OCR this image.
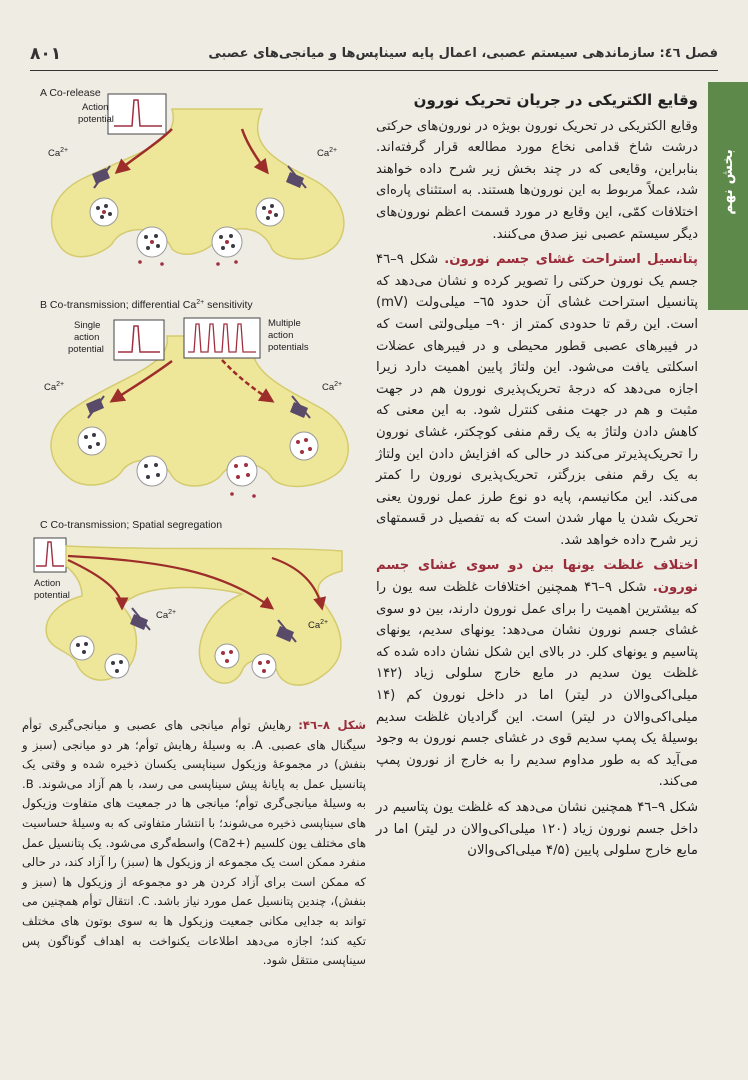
فصل ٤٦: سازماندهی سیستم عصبی، اعمال پایه سیناپس‌ها و میانجی‌های عصبی
۸۰۱
بخش نهم
وقایع الکتریکی در جریان تحریک نورون

وقایع الکتریکی در تحریک نورون بویژه در نورون‌های حرکتی درشت شاخ قدامی نخاع مورد مطالعه قرار گرفته‌اند. بنابراین، وقایعی که در چند بخش زیر شرح داده خواهند شد، عملاً مربوط به این نورون‌ها هستند. به استثنای پاره‌ای اختلافات کمّی، این وقایع در مورد قسمت اعظم نورون‌های دیگر سیستم عصبی نیز صدق می‌کنند.

پتانسیل استراحت غشای جسم نورون. شکل ۹–۴٦ جسم یک نورون حرکتی را تصویر کرده و نشان می‌دهد که پتانسیل استراحت غشای آن حدود ٦۵– میلی‌ولت (mV) است. این رقم تا حدودی کمتر از ۹۰– میلی‌ولتی است که در فیبرهای عصبی قطور محیطی و در فیبرهای عضلات اسکلتی یافت می‌شود. این ولتاژ پایین اهمیت دارد زیرا اجازه می‌دهد که درجهٔ تحریک‌پذیری نورون هم در جهت مثبت و هم در جهت منفی کنترل شود. به این معنی که کاهش دادن ولتاژ به یک رقم منفی کوچکتر، غشای نورون را تحریک‌پذیرتر می‌کند در حالی که افزایش دادن این ولتاژ به یک رقم منفی بزرگتر، تحریک‌پذیری نورون را کمتر می‌کند. این مکانیسم، پایه دو نوع طرز عمل نورون یعنی تحریک شدن یا مهار شدن است که به تفصیل در قسمتهای زیر شرح داده خواهد شد.

اختلاف غلظت یونها بین دو سوی غشای جسم نورون. شکل ۹–۴٦ همچنین اختلافات غلظت سه یون را که بیشترین اهمیت را برای عمل نورون دارند، بین دو سوی غشای جسم نورون نشان می‌دهد: یونهای سدیم، یونهای پتاسیم و یونهای کلر. در بالای این شکل نشان داده شده که غلظت یون سدیم در مایع خارج سلولی زیاد (۱۴۲ میلی‌اکی‌والان در لیتر) اما در داخل نورون کم (۱۴ میلی‌اکی‌والان در لیتر) است. این گرادیان غلظت سدیم بوسیلهٔ یک پمپ سدیم قوی در غشای جسم نورون به وجود می‌آید که به طور مداوم سدیم را به خارج از نورون پمپ می‌کند.

شکل ۹–۴٦ همچنین نشان می‌دهد که غلظت یون پتاسیم در داخل جسم نورون زیاد (۱۲۰ میلی‌اکی‌والان در لیتر) اما در مایع خارج سلولی پایین (۴/۵ میلی‌اکی‌والان

A Co-release
Action
potential
$Ca^{2+}$	$Ca^{2+}$
B Co-transmission; differential $Ca^{2+}$ sensitivity
Single
action
potential
Multiple
action
potentials
$Ca^{2+}$	$Ca^{2+}$
C Co-transmission; Spatial segregation
Action
potential
$Ca^{2+}$
$Ca^{2+}$
شکل ۸–۴٦: رهایش توأم میانجی های عصبی و میانجی‌گیری توأم سیگنال های عصبی. A. به وسیلهٔ رهایش توأم؛ هر دو میانجی (سبز و بنفش) در مجموعهٔ وزیکول سیناپسی یکسان ذخیره شده و وقتی یک پتانسیل عمل به پایانهٔ پیش سیناپسی می رسد، با هم آزاد می‌شوند. B. به وسیلهٔ میانجی‌گری توأم؛ میانجی ها در جمعیت های متفاوت وزیکول های سیناپسی ذخیره می‌شوند؛ با انتشار متفاوتی که به وسیلهٔ حساسیت های مختلف یون کلسیم (+Ca2) واسطه‌گری می‌شود. یک پتانسیل عمل منفرد ممکن است یک مجموعه از وزیکول ها (سبز) را آزاد کند، در حالی که ممکن است برای آزاد کردن هر دو مجموعه از وزیکول ها (سبز و بنفش)، چندین پتانسیل عمل مورد نیاز باشد. C. انتقال توأم همچنین می تواند به جدایی مکانی جمعیت وزیکول ها به سوی بوتون های مختلف تکیه کند؛ اجازه می‌دهد اطلاعات یکنواخت به اهداف گوناگون پس سیناپسی منتقل شود.
